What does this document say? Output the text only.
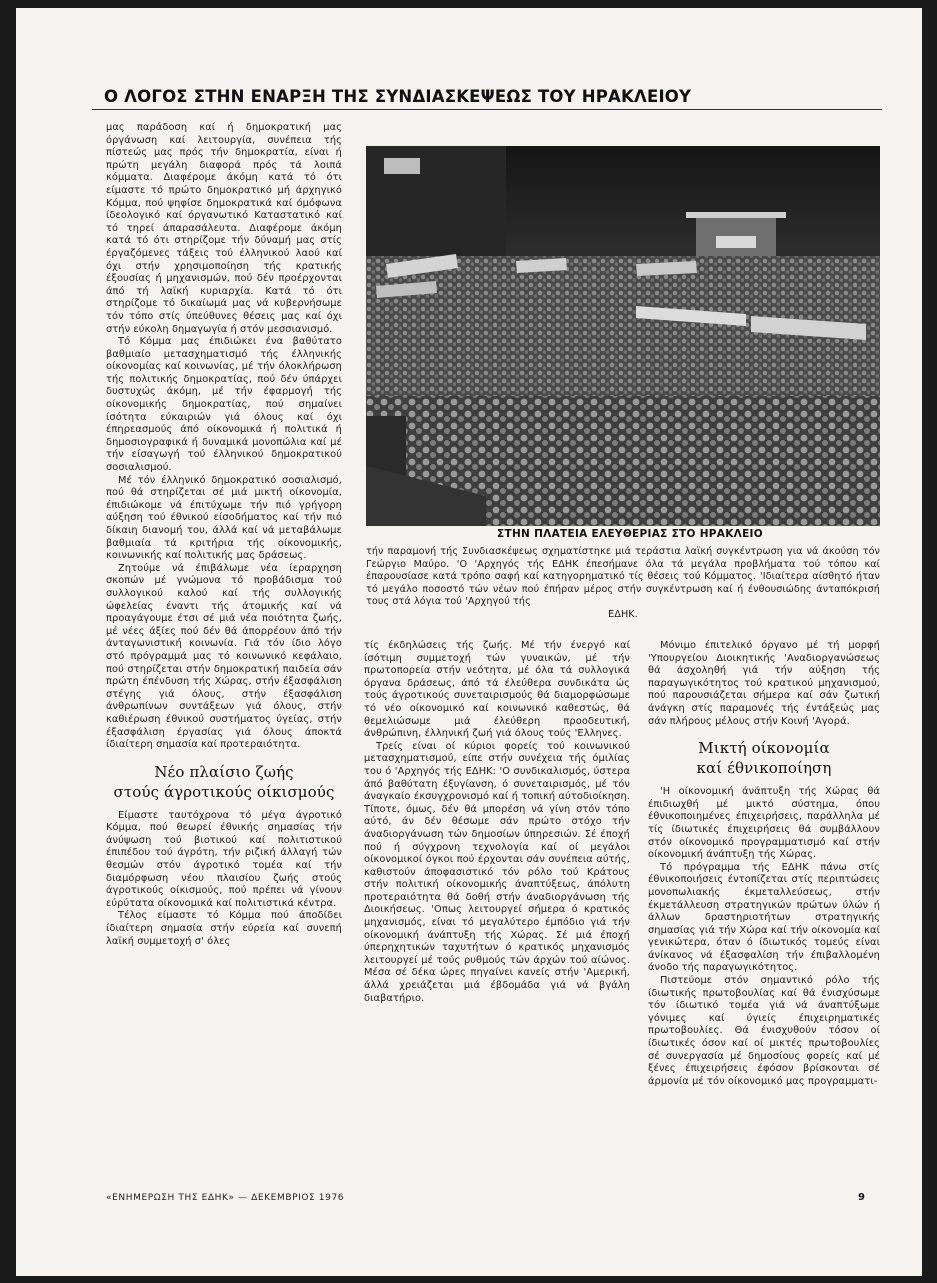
Ο ΛΟΓΟΣ ΣΤΗΝ ΕΝΑΡΞΗ ΤΗΣ ΣΥΝΔΙΑΣΚΕΨΕΩΣ ΤΟΥ ΗΡΑΚΛΕΙΟΥ

μας παράδοση καί ή δημοκρατική μας όργάνωση καί λειτουργία, συνέπεια τής πίστεώς μας πρός τήν δημοκρατία, είναι ή πρώτη μεγάλη διαφορά πρός τά λοιπά κόμματα. Διαφέρομε άκόμη κατά τό ότι είμαστε τό πρώτο δημοκρατικό μή άρχηγικό Κόμμα, πού ψηφίσε δημοκρατικά καί όμόφωνα ίδεολογικό καί όργανωτικό Καταστατικό καί τό τηρεί άπαρασάλευτα. Διαφέρομε άκόμη κατά τό ότι στηρίζομε τήν δύναμή μας στίς έργαζόμενες τάξεις τού έλληνικού λαού καί όχι στήν χρησιμοποίηση τής κρατικής έξουσίας ή μηχανισμών, πού δέν προέρχονται άπό τή λαϊκή κυριαρχία. Κατά τό ότι στηρίζομε τό δικαίωμά μας νά κυβερνήσωμε τόν τόπο στίς ύπεύθυνες θέσεις μας καί όχι στήν εύκολη δημαγωγία ή στόν μεσσιανισμό.

Τό Κόμμα μας έπιδιώκει ένα βαθύτατο βαθμιαίο μετασχηματισμό τής έλληνικής οίκονομίας καί κοινωνίας, μέ τήν όλοκλήρωση τής πολιτικής δημοκρατίας, πού δέν ύπάρχει δυστυχώς άκόμη, μέ τήν έφαρμογή τής οίκονομικής δημοκρατίας, πού σημαίνει ίσότητα εύκαιριών γιά όλους καί όχι έπηρεασμούς άπό οίκονομικά ή πολιτικά ή δημοσιογραφικά ή δυναμικά μονοπώλια καί μέ τήν είσαγωγή τού έλληνικού δημοκρατικού σοσιαλισμού.

Μέ τόν έλληνικό δημοκρατικό σοσιαλισμό, πού θά στηρίζεται σέ μιά μικτή οίκονομία, έπιδιώκομε νά έπιτύχωμε τήν πιό γρήγορη αύξηση τού έθνικού είσοδήματος καί τήν πιό δίκαιη διανομή του, άλλά καί νά μεταβάλωμε βαθμιαία τά κριτήρια τής οίκονομικής, κοινωνικής καί πολιτικής μας δράσεως.

Ζητούμε νά έπιβάλωμε νέα ίεραρχηση σκοπών μέ γνώμονα τό προβάδισμα τού συλλογικού καλού καί τής συλλογικής ώφελείας έναντι τής άτομικής καί νά προαγάγουμε έτσι σέ μιά νέα ποιότητα ζωής, μέ νέες άξίες πού δέν θά άπορρέουν άπό τήν άνταγωνιστική κοινωνία. Γιά τόν ίδιο λόγο στό πρόγραμμά μας τό κοινωνικό κεφάλαιο, πού στηρίζεται στήν δημοκρατική παιδεία σάν πρώτη έπένδυση τής Χώρας, στήν έξασφάλιση στέγης γιά όλους, στήν έξασφάλιση άνθρωπίνων συντάξεων γιά όλους, στήν καθιέρωση έθνικού συστήματος ύγείας, στήν έξασφάλιση έργασίας γιά όλους άποκτά ίδιαίτερη σημασία καί προτεραιότητα.

Νέο πλαίσιο ζωής
στούς άγροτικούς οίκισμούς

Είμαστε ταυτόχρονα τό μέγα άγροτικό Κόμμα, πού θεωρεί έθνικής σημασίας τήν άνύψωση τού βιοτικού καί πολιτιστικού έπιπέδου τού άγρότη, τήν ριζική άλλαγή τών θεσμών στόν άγροτικό τομέα καί τήν διαμόρφωση νέου πλαισίου ζωής στούς άγροτικούς οίκισμούς, πού πρέπει νά γίνουν εύρύτατα οίκονομικά καί πολιτιστικά κέντρα.

Τέλος είμαστε τό Κόμμα πού άποδίδει ίδιαίτερη σημασία στήν εύρεία καί συνεπή λαϊκή συμμετοχή σ' όλες

ΣΤΗΝ ΠΛΑΤΕΙΑ ΕΛΕΥΘΕΡΙΑΣ ΣΤΟ ΗΡΑΚΛΕΙΟ
τήν παραμονή τής Συνδιασκέψεως σχηματίστηκε μιά τεράστια λαϊκή συγκέντρωση για νά άκούση τόν Γεώργιο Μαύρο. 'Ο 'Αρχηγός τής ΕΔΗΚ έπεσήμανε όλα τά μεγάλα προβλήματα τού τόπου καί έπαρουσίασε κατά τρόπο σαφή καί κατηγορηματικό τίς θέσεις τού Κόμματος. 'Ιδιαίτερα αίσθητό ήταν τό μεγάλο ποσοστό τών νέων πού έπήραν μέρος στήν συγκέντρωση καί ή ένθουσιώδης άνταπόκρισή τους στά λόγια τού 'Αρχηγού τής
ΕΔΗΚ.

τίς έκδηλώσεις τής ζωής. Μέ τήν ένεργό καί ίσότιμη συμμετοχή τών γυναικών, μέ τήν πρωτοπορεία στήν νεότητα, μέ όλα τά συλλογικά όργανα δράσεως, άπό τά έλεύθερα συνδικάτα ώς τούς άγροτικούς συνεταιρισμούς θά διαμορφώσωμε τό νέο οίκονομικό καί κοινωνικό καθεστώς, θά θεμελιώσωμε μιά έλεύθερη προοδευτική, άνθρώπινη, έλληνική ζωή γιά όλους τούς 'Ελληνες.

Τρείς είναι οί κύριοι φορείς τού κοινωνικού μετασχηματισμού, είπε στήν συνέχεια τής όμιλίας του ό 'Αρχηγός τής ΕΔΗΚ: 'Ο συνδικαλισμός, ύστερα άπό βαθύτατη έξυγίανση, ό συνεταιρισμός, μέ τόν άναγκαίο έκσυγχρονισμό καί ή τοπική αύτοδιοίκηση. Τίποτε, όμως, δέν θά μπορέση νά γίνη στόν τόπο αύτό, άν δέν θέσωμε σάν πρώτο στόχο τήν άναδιοργάνωση τών δημοσίων ύπηρεσιών. Σέ έποχή πού ή σύγχρονη τεχνολογία καί οί μεγάλοι οίκονομικοί όγκοι πού έρχονται σάν συνέπεια αύτής, καθιστούν άποφασιστικό τόν ρόλο τού Κράτους στήν πολιτική οίκονομικής άναπτύξεως, άπόλυτη προτεραιότητα θά δοθή στήν άναδιοργάνωση τής Διοικήσεως. 'Οπως λειτουργεί σήμερα ό κρατικός μηχανισμός, είναι τό μεγαλύτερο έμπόδιο γιά τήν οίκονομική άνάπτυξη τής Χώρας. Σέ μιά έποχή ύπερηχητικών ταχυτήτων ό κρατικός μηχανισμός λειτουργεί μέ τούς ρυθμούς τών άρχών τού αίώνος. Μέσα σέ δέκα ώρες πηγαίνει κανείς στήν 'Αμερική, άλλά χρειάζεται μιά έβδομάδα γιά νά βγάλη διαβατήριο.

Μόνιμο έπιτελικό όργανο μέ τή μορφή 'Υπουργείου Διοικητικής 'Αναδιοργανώσεως θά άσχοληθή γιά τήν αύξηση τής παραγωγικότητος τού κρατικού μηχανισμού, πού παρουσιάζεται σήμερα καί σάν ζωτική άνάγκη στίς παραμονές τής έντάξεώς μας σάν πλήρους μέλους στήν Κοινή 'Αγορά.

Μικτή οίκονομία
καί έθνικοποίηση

'Η οίκονομική άνάπτυξη τής Χώρας θά έπιδιωχθή μέ μικτό σύστημα, όπου έθνικοποιημένες έπιχειρήσεις, παράλληλα μέ τίς ίδιωτικές έπιχειρήσεις θά συμβάλλουν στόν οίκονομικό προγραμματισμό καί στήν οίκονομική άνάπτυξη τής Χώρας.

Τό πρόγραμμα τής ΕΔΗΚ πάνω στίς έθνικοποιήσεις έντοπίζεται στίς περιπτώσεις μονοπωλιακής έκμεταλλεύσεως, στήν έκμετάλλευση στρατηγικών πρώτων ύλών ή άλλων δραστηριοτήτων στρατηγικής σημασίας γιά τήν Χώρα καί τήν οίκονομία καί γενικώτερα, όταν ό ίδιωτικός τομεύς είναι άνίκανος νά έξασφαλίση τήν έπιβαλλομένη άνοδο τής παραγωγικότητος.

Πιστεύομε στόν σημαντικό ρόλο τής ίδιωτικής πρωτοβουλίας καί θά ένισχύσωμε τόν ίδιωτικό τομέα γιά νά άναπτύξωμε γόνιμες καί ύγιείς έπιχειρηματικές πρωτοβουλίες. Θά ένισχυθούν τόσον οί ίδιωτικές όσον καί οί μικτές πρωτοβουλίες σέ συνεργασία μέ δημοσίους φορείς καί μέ ξένες έπιχειρήσεις έφόσον βρίσκονται σέ άρμονία μέ τόν οίκονομικό μας προγραμματι-

«ΕΝΗΜΕΡΩΣΗ ΤΗΣ ΕΔΗΚ» — ΔΕΚΕΜΒΡΙΟΣ 1976	9
